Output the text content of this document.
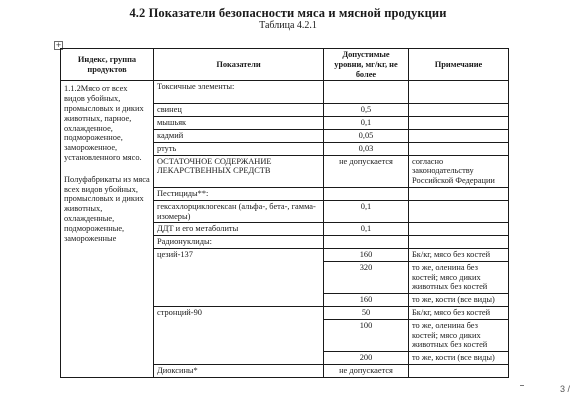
4.2 Показатели безопасности мяса и мясной продукции
Таблица 4.2.1
+
Индекс, группа продуктов	Показатели	Допустимые уровни, мг/кг, не более	Примечание

1.1.2Мясо от всех видов убойных, промысловых и диких животных, парное, охлажденное, подмороженное, замороженное, установленного мясо.
Полуфабрикаты из мяса всех видов убойных, промысловых и диких животных, охлажденные, подмороженные, замороженные	Токсичные элементы:		
	свинец	0,5	
	мышьяк	0,1	
	кадмий	0,05	
	ртуть	0,03	
	ОСТАТОЧНОЕ СОДЕРЖАНИЕ ЛЕКАРСТВЕННЫХ СРЕДСТВ	не допускается	согласно законодательству Российской Федерации
	Пестициды**:		
	гексахлорциклогексан (альфа-, бета-, гамма-изомеры)	0,1	
	ДДТ и его метаболиты	0,1	
	Радионуклиды:		
	цезий-137	160	Бк/кг, мясо без костей
		320	то же, оленина без костей; мясо диких животных без костей
		160	то же, кости (все виды)
	стронций-90	50	Бк/кг, мясо без костей
		100	то же, оленина без костей; мясо диких животных без костей
		200	то же, кости (все виды)
	Диоксины*	не допускается	
3 /
